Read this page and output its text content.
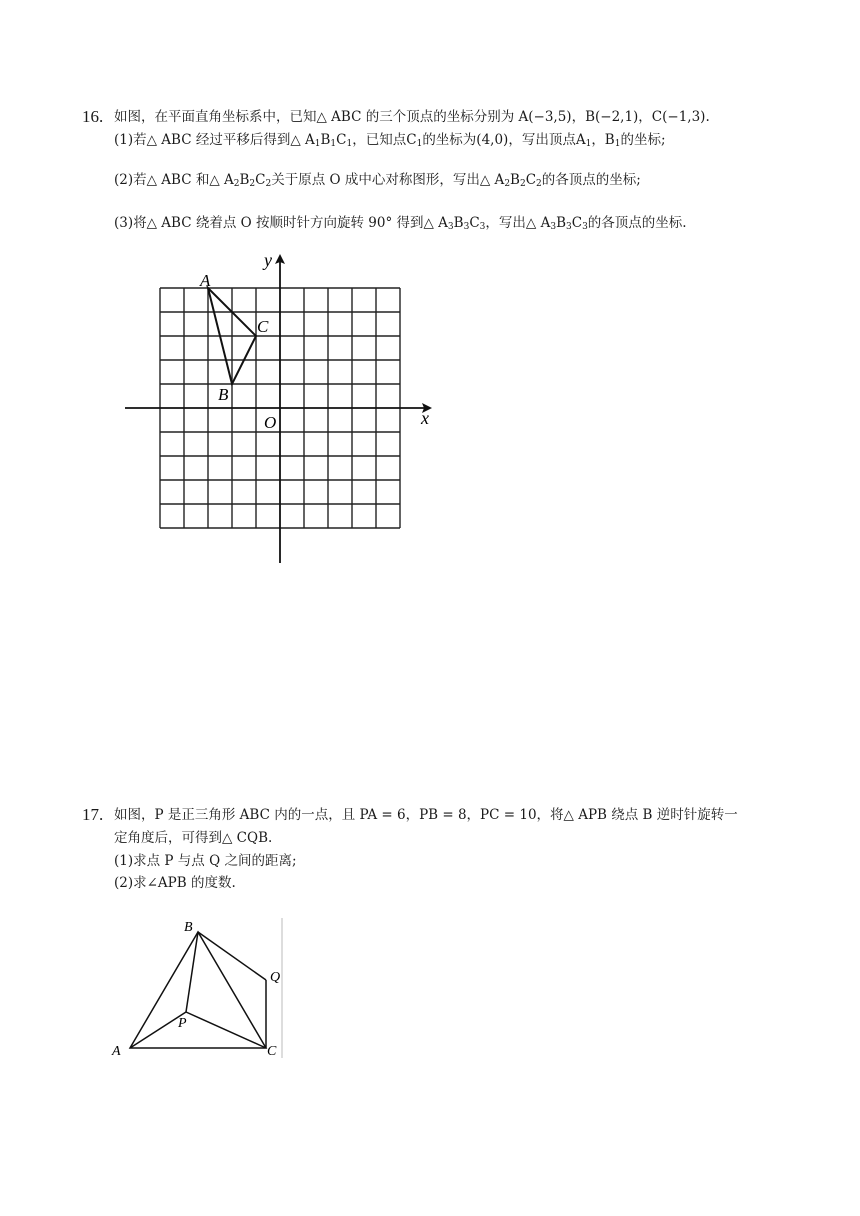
16. 如图，在平面直角坐标系中，已知△ ABC 的三个顶点的坐标分别为 A(−3,5)，B(−2,1)，C(−1,3).
(1)若△ ABC 经过平移后得到△ $A_1B_1C_1$，已知点$C_1$的坐标为(4,0)，写出顶点$A_1$，$B_1$的坐标;
(2)若△ ABC 和△ $A_2B_2C_2$关于原点 O 成中心对称图形，写出△ $A_2B_2C_2$的各顶点的坐标;
(3)将△ ABC 绕着点 O 按顺时针方向旋转 90° 得到△ $A_3B_3C_3$，写出△ $A_3B_3C_3$的各顶点的坐标.
A
B
C
O	x
y
17. 如图，P 是正三角形 ABC 内的一点，且 PA = 6，PB = 8，PC = 10，将△ APB 绕点 B 逆时针旋转一
定角度后，可得到△ CQB.
(1)求点 P 与点 Q 之间的距离;
(2)求∠APB 的度数.
B
Q
P
A	C
